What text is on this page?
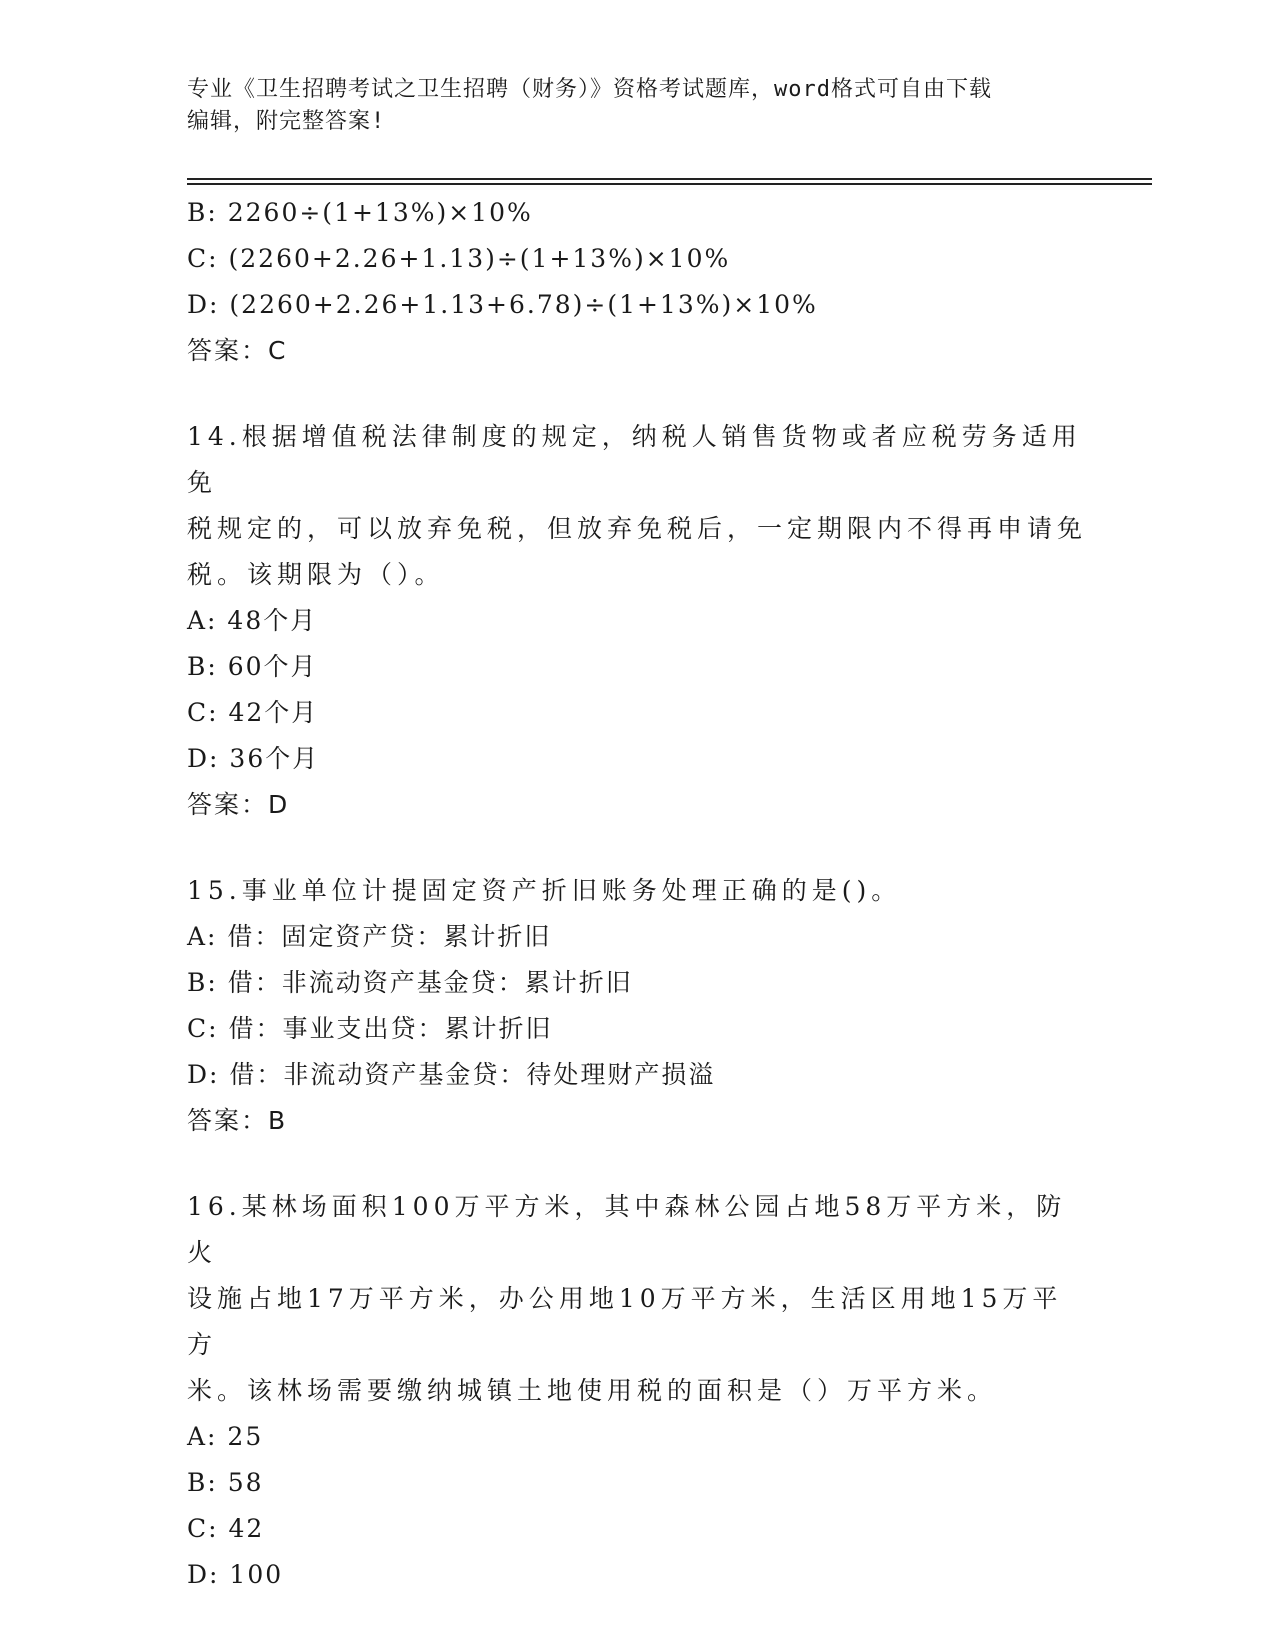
专业《卫生招聘考试之卫生招聘（财务）》资格考试题库，word格式可自由下载
编辑，附完整答案!
B: 2260÷(1+13%)×10%
C: (2260+2.26+1.13)÷(1+13%)×10%
D: (2260+2.26+1.13+6.78)÷(1+13%)×10%
答案：C
14.根据增值税法律制度的规定，纳税人销售货物或者应税劳务适用免
税规定的，可以放弃免税，但放弃免税后，一定期限内不得再申请免
税。该期限为（）。
A: 48个月
B: 60个月
C: 42个月
D: 36个月
答案：D
15.事业单位计提固定资产折旧账务处理正确的是()。
A: 借：固定资产贷：累计折旧
B: 借：非流动资产基金贷：累计折旧
C: 借：事业支出贷：累计折旧
D: 借：非流动资产基金贷：待处理财产损溢
答案：B
16.某林场面积100万平方米，其中森林公园占地58万平方米，防火
设施占地17万平方米，办公用地10万平方米，生活区用地15万平方
米。该林场需要缴纳城镇土地使用税的面积是（）万平方米。
A: 25
B: 58
C: 42
D: 100
